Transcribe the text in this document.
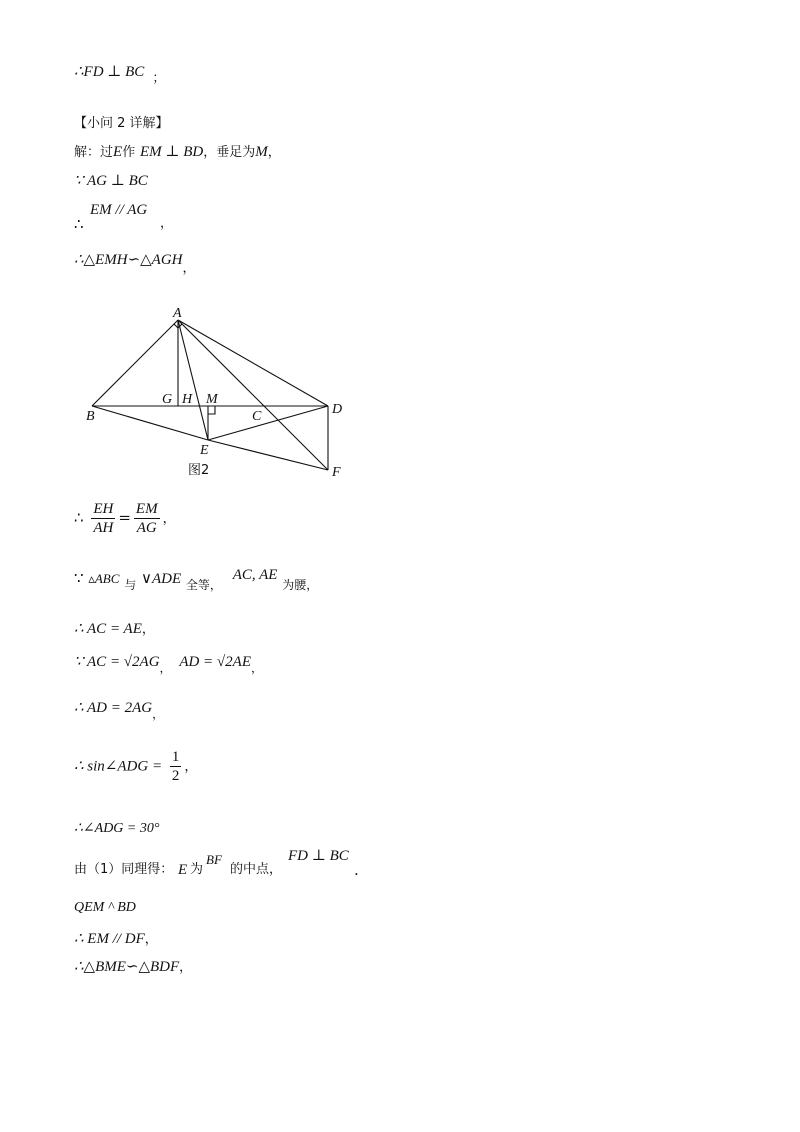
∴FD ⊥ BC ；
【小问 2 详解】
解：过E作 EM ⊥ BD，垂足为M，
∵ AG ⊥ BC
∴
EM // AG
，
∴△EMH∽△AGH，
A
B
G H M
C	D
E
F
图2
∴ $\frac{EH}{AH} = \frac{EM}{AG}$ ，
∵ ▵ABC $_与$ ∨ADE $_{全等,}$ AC, AE $_{为腰,}$
∴ AC = AE，
∵ AC = $√2AG_,$ AD = $√2AE_,$
∴ AD = $2AG_,$
∴ sin∠ADG = $\frac{1}{2}$ ，
∴∠ADG = 30°
由（1）同理得： E 为
BF
的中点，
FD ⊥ BC
.
QEM ^ BD
∴ EM // DF，
∴△BME∽△BDF，
